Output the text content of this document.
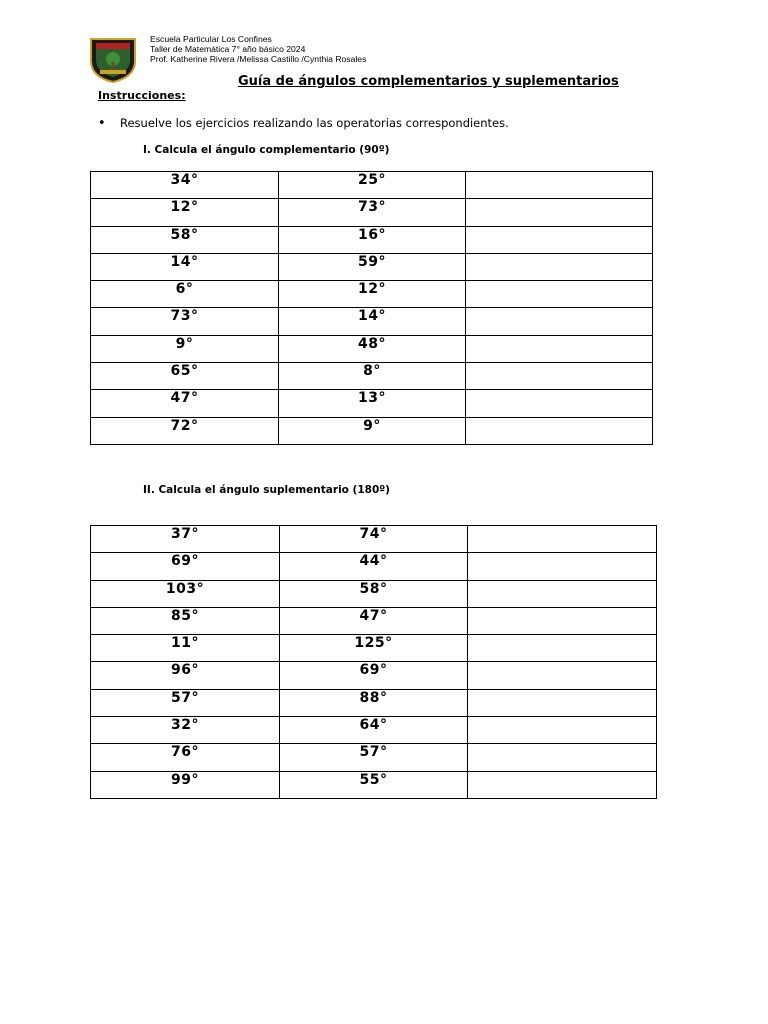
Escuela Particular Los Confines
Taller de Matemática 7° año básico 2024
Prof. Katherine Rivera /Melissa Castillo /Cynthia Rosales
Guía de ángulos complementarios y suplementarios
Instrucciones:
• Resuelve los ejercicios realizando las operatorias correspondientes.
I. Calcula el ángulo complementario (90º)
34°	25°	
12°	73°	
58°	16°	
14°	59°	
6°	12°	
73°	14°	
9°	48°	
65°	8°	
47°	13°	
72°	9°	
II. Calcula el ángulo suplementario (180º)
37°	74°	
69°	44°	
103°	58°	
85°	47°	
11°	125°	
96°	69°	
57°	88°	
32°	64°	
76°	57°	
99°	55°	
